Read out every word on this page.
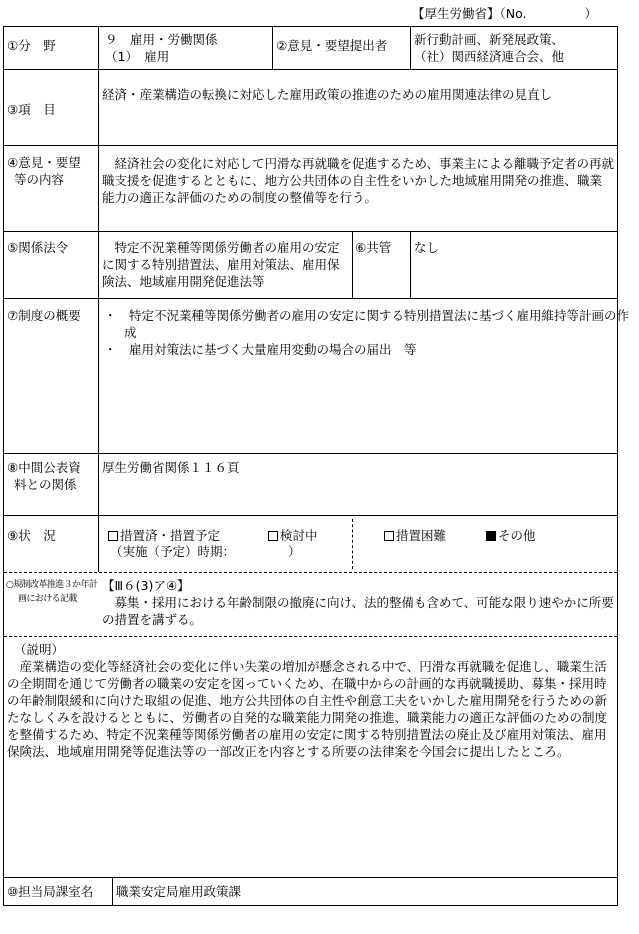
【厚生労働省】（No.	）
①分　野	９　雇用・労働関係
（1）　雇用
②意見・要望提出者 新行動計画、新発展政策、
（社）関西経済連合会、他
③項　目
経済・産業構造の転換に対応した雇用政策の推進のための雇用関連法律の見直し
④意見・要望
等の内容
経済社会の変化に対応して円滑な再就職を促進するため、事業主による離職予定者の再就職支援を促進するとともに、地方公共団体の自主性をいかした地域雇用開発の推進、職業能力の適正な評価のための制度の整備等を行う。
⑤関係法令	特定不況業種等関係労働者の雇用の安定に関する特別措置法、雇用対策法、雇用保険法、地域雇用開発促進法等
⑥共管 なし
⑦制度の概要 ・　特定不況業種等関係労働者の雇用の安定に関する特別措置法に基づく雇用維持等計画の作成
・　雇用対策法に基づく大量雇用変動の場合の届出　等
⑧中間公表資
料との関係
厚生労働省関係１１６頁
⑨状　況	措置済・措置予定	検討中
（実施（予定）時期：	）
措置困難	その他
○規制改革推進３か年計
画における記載
【Ⅲ６(3)ア④】
募集・採用における年齢制限の撤廃に向け、法的整備も含めて、可能な限り速やかに所要の措置を講ずる。
（説明）
産業構造の変化等経済社会の変化に伴い失業の増加が懸念される中で、円滑な再就職を促進し、職業生活の全期間を通じて労働者の職業の安定を図っていくため、在職中からの計画的な再就職援助、募集・採用時の年齢制限緩和に向けた取組の促進、地方公共団体の自主性や創意工夫をいかした雇用開発を行うための新たなしくみを設けるとともに、労働者の自発的な職業能力開発の推進、職業能力の適正な評価のための制度を整備するため、特定不況業種等関係労働者の雇用の安定に関する特別措置法の廃止及び雇用対策法、雇用保険法、地域雇用開発等促進法等の一部改正を内容とする所要の法律案を今国会に提出したところ。
⑩担当局課室名 職業安定局雇用政策課
